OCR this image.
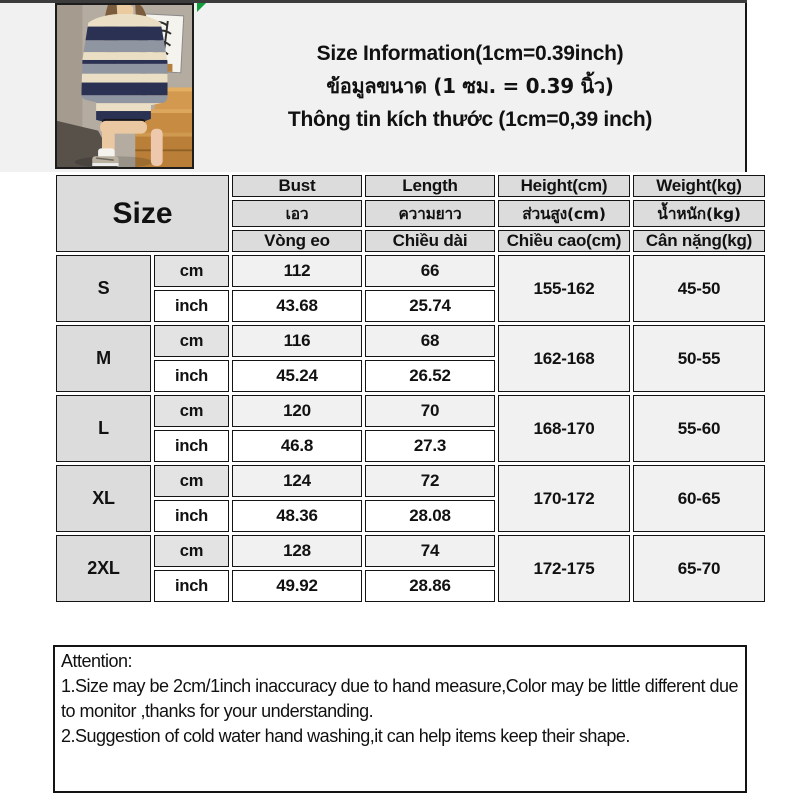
Size Information(1cm=0.39inch)
ข้อมูลขนาด (1 ซม. = 0.39 นิ้ว)
Thông tin kích thước (1cm=0,39 inch)
Size		Bust	Length	Height(cm)	Weight(kg)
		เอว	ความยาว	ส่วนสูง(cm)	น้ำหนัก(kg)
		Vòng eo	Chiều dài	Chiều cao(cm)	Cân nặng(kg)
S	cm	112	66	155-162	45-50
	inch	43.68	25.74		
M	cm	116	68	162-168	50-55
	inch	45.24	26.52		
L	cm	120	70	168-170	55-60
	inch	46.8	27.3		
XL	cm	124	72	170-172	60-65
	inch	48.36	28.08		
2XL	cm	128	74	172-175	65-70
	inch	49.92	28.86		
Attention:
1.Size may be 2cm/1inch inaccuracy due to hand measure,Color may be little different due to monitor ,thanks for your understanding.
2.Suggestion of cold water hand washing,it can help items keep their shape.
